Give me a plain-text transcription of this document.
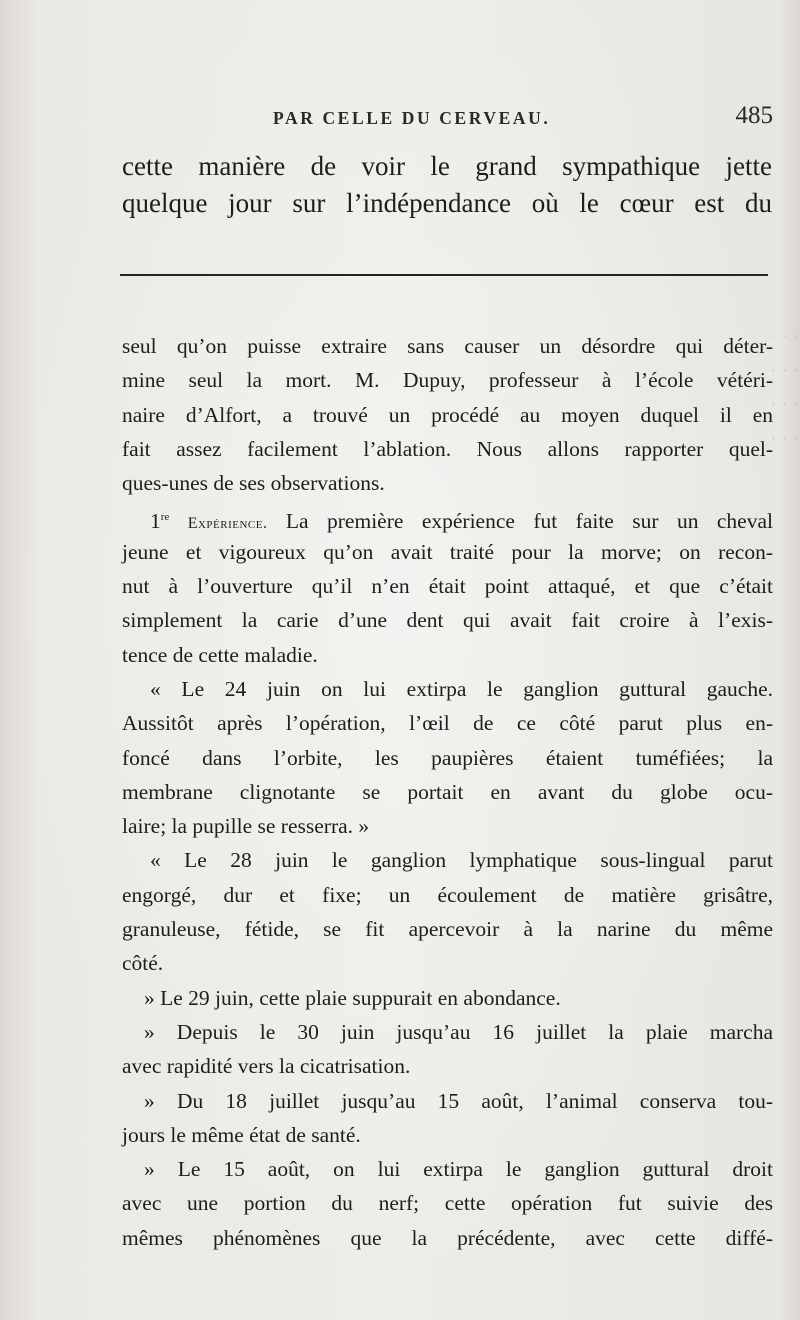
· · ·
· · ·
· · ·
· · ·
PAR CELLE DU CERVEAU.	485
cette manière de voir le grand sympathique jette
quelque jour sur l’indépendance où le cœur est du
seul qu’on puisse extraire sans causer un désordre qui déter-
mine seul la mort. M. Dupuy, professeur à l’école vétéri-
naire d’Alfort, a trouvé un procédé au moyen duquel il en
fait assez facilement l’ablation. Nous allons rapporter quel-
ques-unes de ses observations.
1re Expérience. La première expérience fut faite sur un cheval
jeune et vigoureux qu’on avait traité pour la morve; on recon-
nut à l’ouverture qu’il n’en était point attaqué, et que c’était
simplement la carie d’une dent qui avait fait croire à l’exis-
tence de cette maladie.
« Le 24 juin on lui extirpa le ganglion guttural gauche.
Aussitôt après l’opération, l’œil de ce côté parut plus en-
foncé dans l’orbite, les paupières étaient tuméfiées; la
membrane clignotante se portait en avant du globe ocu-
laire; la pupille se resserra. »
« Le 28 juin le ganglion lymphatique sous-lingual parut
engorgé, dur et fixe; un écoulement de matière grisâtre,
granuleuse, fétide, se fit apercevoir à la narine du même
côté.
» Le 29 juin, cette plaie suppurait en abondance.
» Depuis le 30 juin jusqu’au 16 juillet la plaie marcha
avec rapidité vers la cicatrisation.
» Du 18 juillet jusqu’au 15 août, l’animal conserva tou-
jours le même état de santé.
» Le 15 août, on lui extirpa le ganglion guttural droit
avec une portion du nerf; cette opération fut suivie des
mêmes phénomènes que la précédente, avec cette diffé-
